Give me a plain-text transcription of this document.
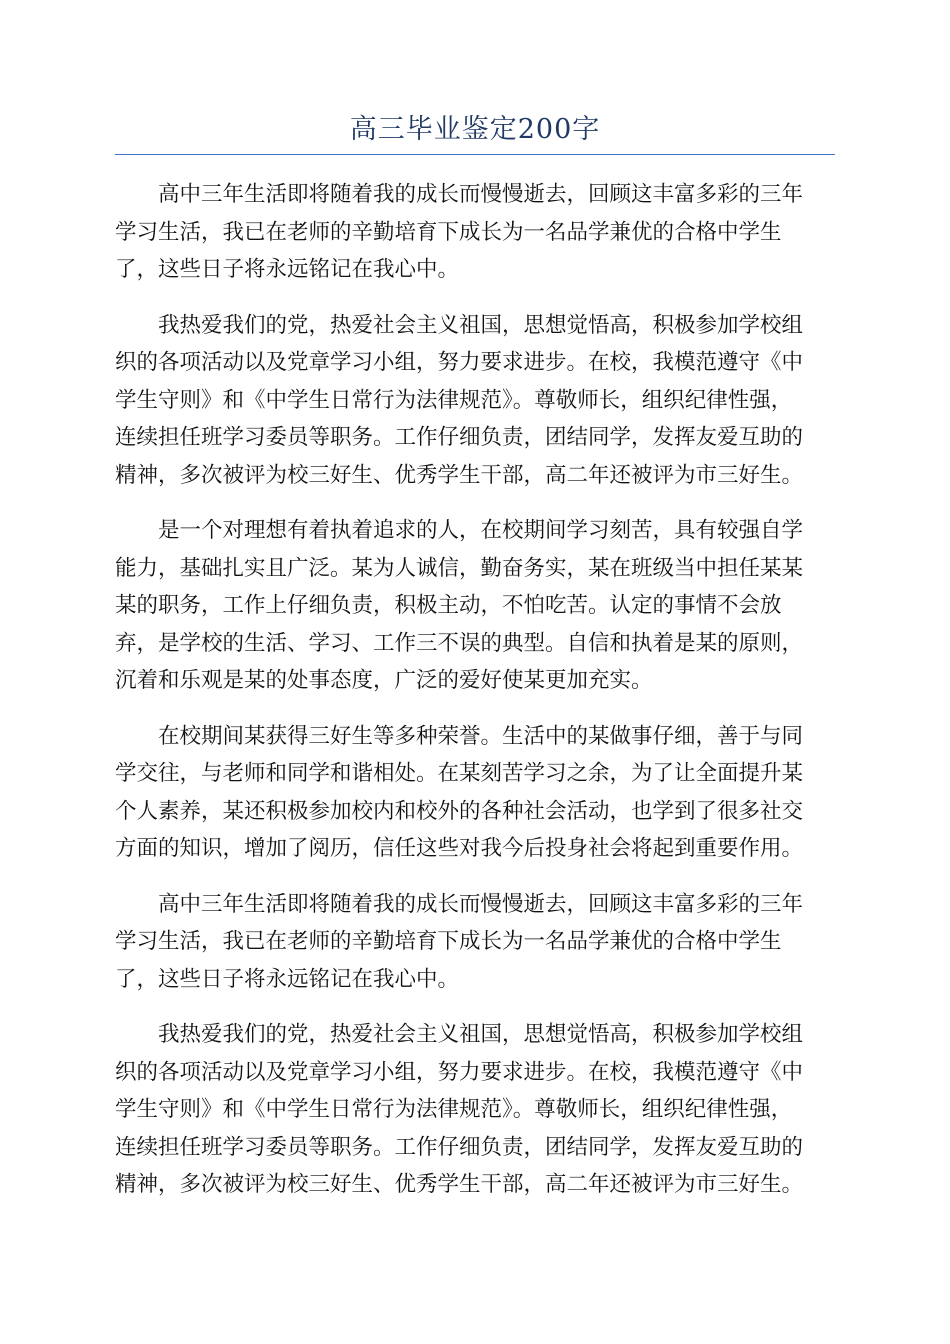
高三毕业鉴定200字

高中三年生活即将随着我的成长而慢慢逝去，回顾这丰富多彩的三年
学习生活，我已在老师的辛勤培育下成长为一名品学兼优的合格中学生
了，这些日子将永远铭记在我心中。

我热爱我们的党，热爱社会主义祖国，思想觉悟高，积极参加学校组
织的各项活动以及党章学习小组，努力要求进步。在校，我模范遵守《中
学生守则》和《中学生日常行为法律规范》。尊敬师长，组织纪律性强，
连续担任班学习委员等职务。工作仔细负责，团结同学，发挥友爱互助的
精神，多次被评为校三好生、优秀学生干部，高二年还被评为市三好生。

是一个对理想有着执着追求的人，在校期间学习刻苦，具有较强自学
能力，基础扎实且广泛。某为人诚信，勤奋务实，某在班级当中担任某某
某的职务，工作上仔细负责，积极主动，不怕吃苦。认定的事情不会放
弃，是学校的生活、学习、工作三不误的典型。自信和执着是某的原则，
沉着和乐观是某的处事态度，广泛的爱好使某更加充实。

在校期间某获得三好生等多种荣誉。生活中的某做事仔细，善于与同
学交往，与老师和同学和谐相处。在某刻苦学习之余，为了让全面提升某
个人素养，某还积极参加校内和校外的各种社会活动，也学到了很多社交
方面的知识，增加了阅历，信任这些对我今后投身社会将起到重要作用。

高中三年生活即将随着我的成长而慢慢逝去，回顾这丰富多彩的三年
学习生活，我已在老师的辛勤培育下成长为一名品学兼优的合格中学生
了，这些日子将永远铭记在我心中。

我热爱我们的党，热爱社会主义祖国，思想觉悟高，积极参加学校组
织的各项活动以及党章学习小组，努力要求进步。在校，我模范遵守《中
学生守则》和《中学生日常行为法律规范》。尊敬师长，组织纪律性强，
连续担任班学习委员等职务。工作仔细负责，团结同学，发挥友爱互助的
精神，多次被评为校三好生、优秀学生干部，高二年还被评为市三好生。
